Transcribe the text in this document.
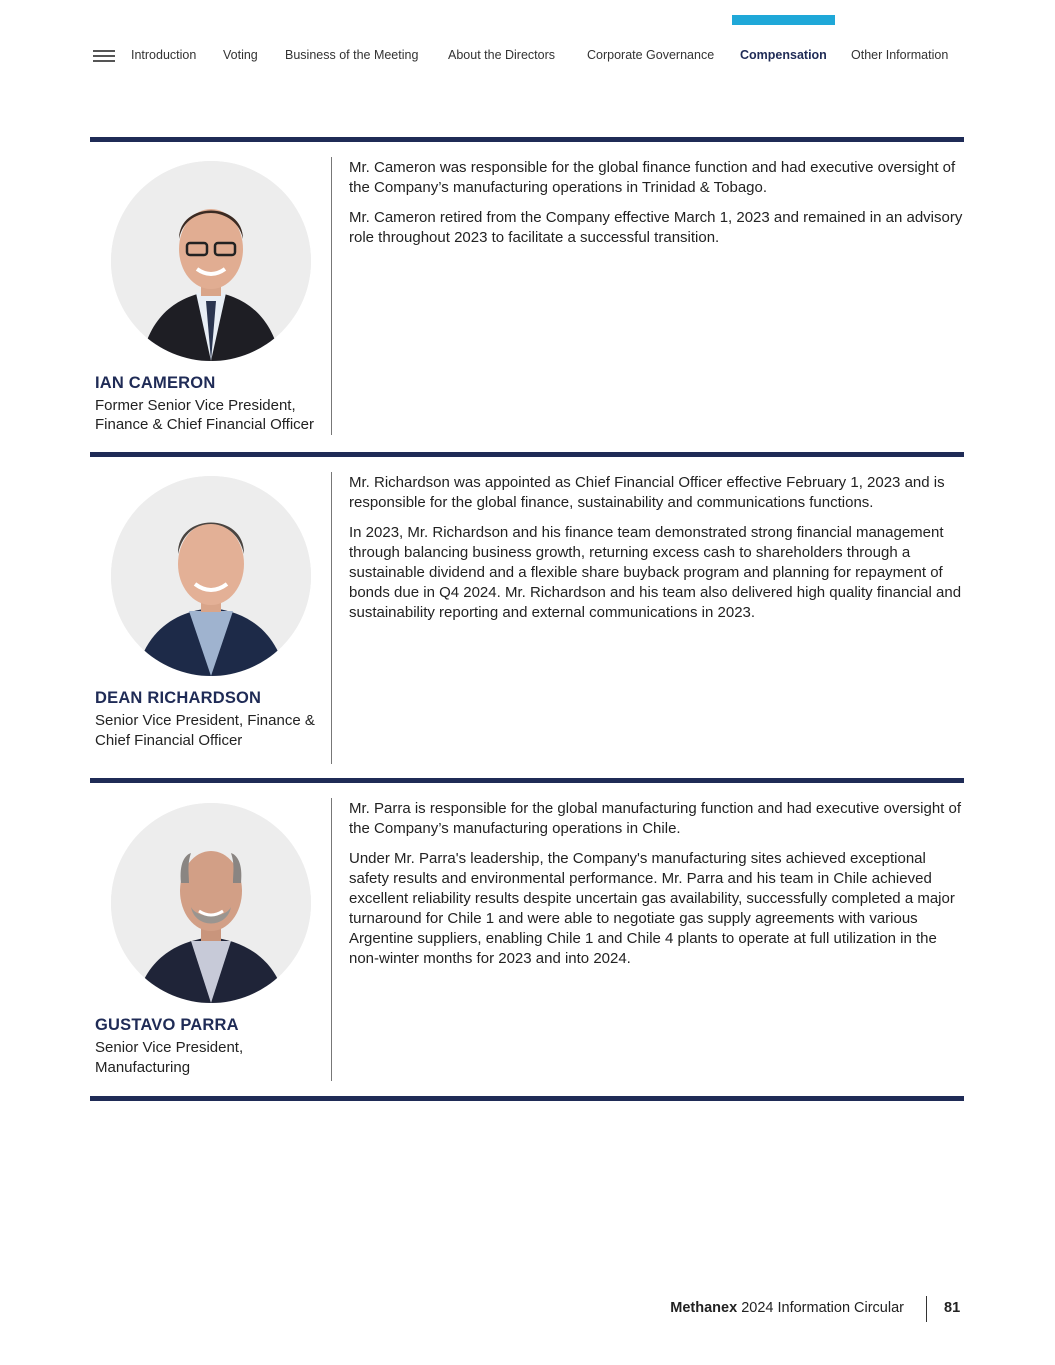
Introduction Voting Business of the Meeting About the Directors	Corporate Governance Compensation Other Information
IAN CAMERON
Former Senior Vice President, Finance & Chief Financial Officer

Mr. Cameron was responsible for the global finance function and had executive oversight of the Company’s manufacturing operations in Trinidad & Tobago.

Mr. Cameron retired from the Company effective March 1, 2023 and remained in an advisory role throughout 2023 to facilitate a successful transition.

DEAN RICHARDSON
Senior Vice President, Finance & Chief Financial Officer

Mr. Richardson was appointed as Chief Financial Officer effective February 1, 2023 and is responsible for the global finance, sustainability and communications functions.

In 2023, Mr. Richardson and his finance team demonstrated strong financial management through balancing business growth, returning excess cash to shareholders through a sustainable dividend and a flexible share buyback program and planning for repayment of bonds due in Q4 2024. Mr. Richardson and his team also delivered high quality financial and sustainability reporting and external communications in 2023.

GUSTAVO PARRA
Senior Vice President, Manufacturing

Mr. Parra is responsible for the global manufacturing function and had executive oversight of the Company’s manufacturing operations in Chile.

Under Mr. Parra's leadership, the Company's manufacturing sites achieved exceptional safety results and environmental performance. Mr. Parra and his team in Chile achieved excellent reliability results despite uncertain gas availability, successfully completed a major turnaround for Chile 1 and were able to negotiate gas supply agreements with various Argentine suppliers, enabling Chile 1 and Chile 4 plants to operate at full utilization in the non-winter months for 2023 and into 2024.

Methanex 2024 Information Circular	81
